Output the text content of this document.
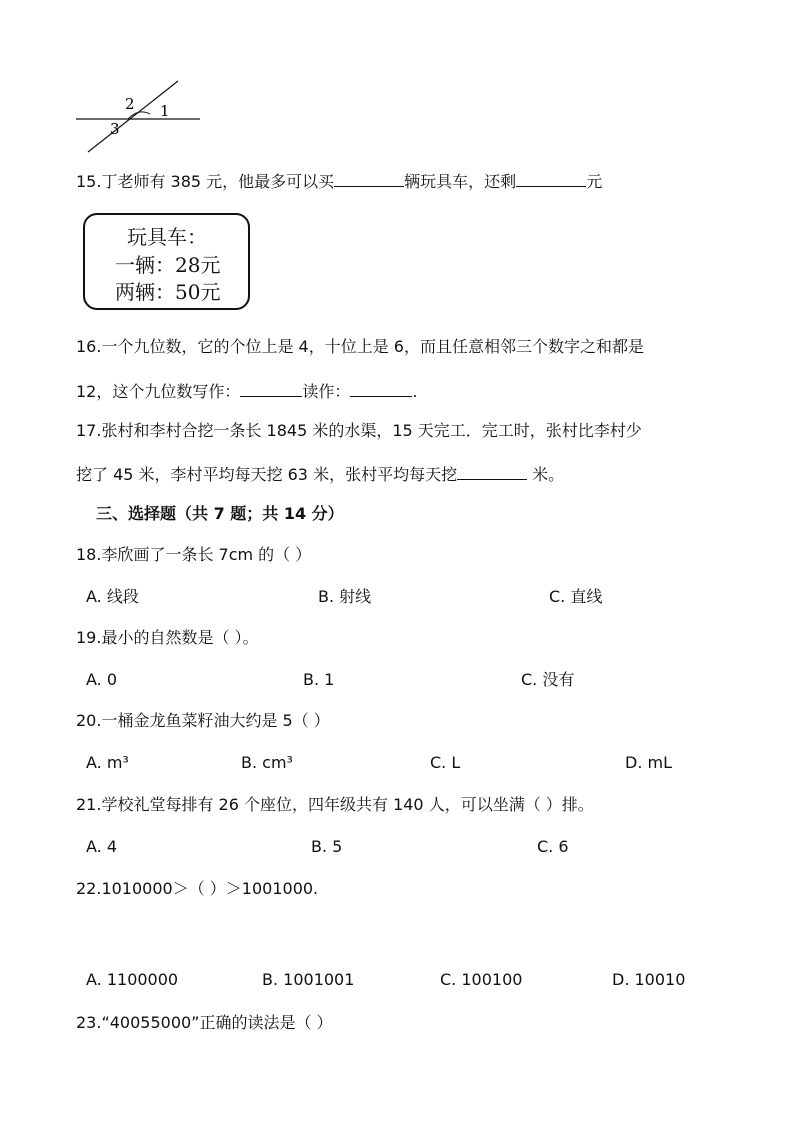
2 1
3
15.丁老师有 385 元，他最多可以买	辆玩具车，还剩	元
玩具车：
一辆：28元
两辆：50元
16.一个九位数，它的个位上是 4，十位上是 6，而且任意相邻三个数字之和都是
12，这个九位数写作：	读作：	.
17.张村和李村合挖一条长 1845 米的水渠，15 天完工．完工时，张村比李村少
挖了 45 米，李村平均每天挖 63 米，张村平均每天挖	米。
三、选择题（共 7 题；共 14 分）
18.李欣画了一条长 7cm 的（ ）
A. 线段	B. 射线	C. 直线
19.最小的自然数是（ ）。
A. 0	B. 1	C. 没有
20.一桶金龙鱼菜籽油大约是 5（ ）
A. m³	B. cm³	C. L	D. mL
21.学校礼堂每排有 26 个座位，四年级共有 140 人，可以坐满（ ）排。
A. 4	B. 5	C. 6
22.1010000＞（ ）＞1001000.
A. 1100000	B. 1001001	C. 100100	D. 10010
23.“40055000”正确的读法是（ ）
